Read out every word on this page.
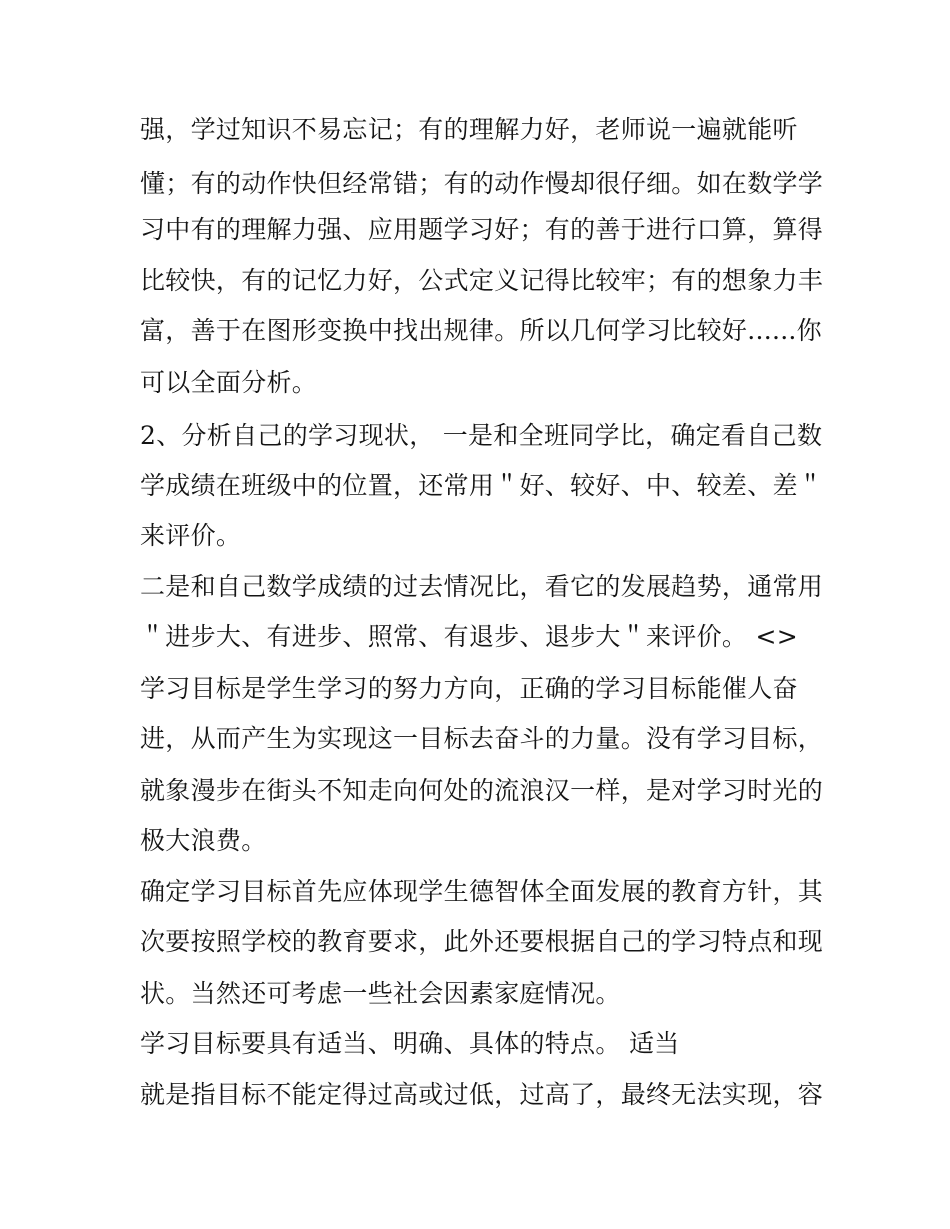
强，学过知识不易忘记；有的理解力好，老师说一遍就能听
懂；有的动作快但经常错；有的动作慢却很仔细。如在数学学
习中有的理解力强、应用题学习好；有的善于进行口算，算得
比较快，有的记忆力好，公式定义记得比较牢；有的想象力丰
富，善于在图形变换中找出规律。所以几何学习比较好......你
可以全面分析。
2、分析自己的学习现状， 一是和全班同学比，确定看自己数
学成绩在班级中的位置，还常用＂好、较好、中、较差、差＂
来评价。
二是和自己数学成绩的过去情况比，看它的发展趋势，通常用
＂进步大、有进步、照常、有退步、退步大＂来评价。 <>
学习目标是学生学习的努力方向，正确的学习目标能催人奋
进，从而产生为实现这一目标去奋斗的力量。没有学习目标，
就象漫步在街头不知走向何处的流浪汉一样，是对学习时光的
极大浪费。
确定学习目标首先应体现学生德智体全面发展的教育方针，其
次要按照学校的教育要求，此外还要根据自己的学习特点和现
状。当然还可考虑一些社会因素家庭情况。
学习目标要具有适当、明确、具体的特点。 适当
就是指目标不能定得过高或过低，过高了，最终无法实现，容
